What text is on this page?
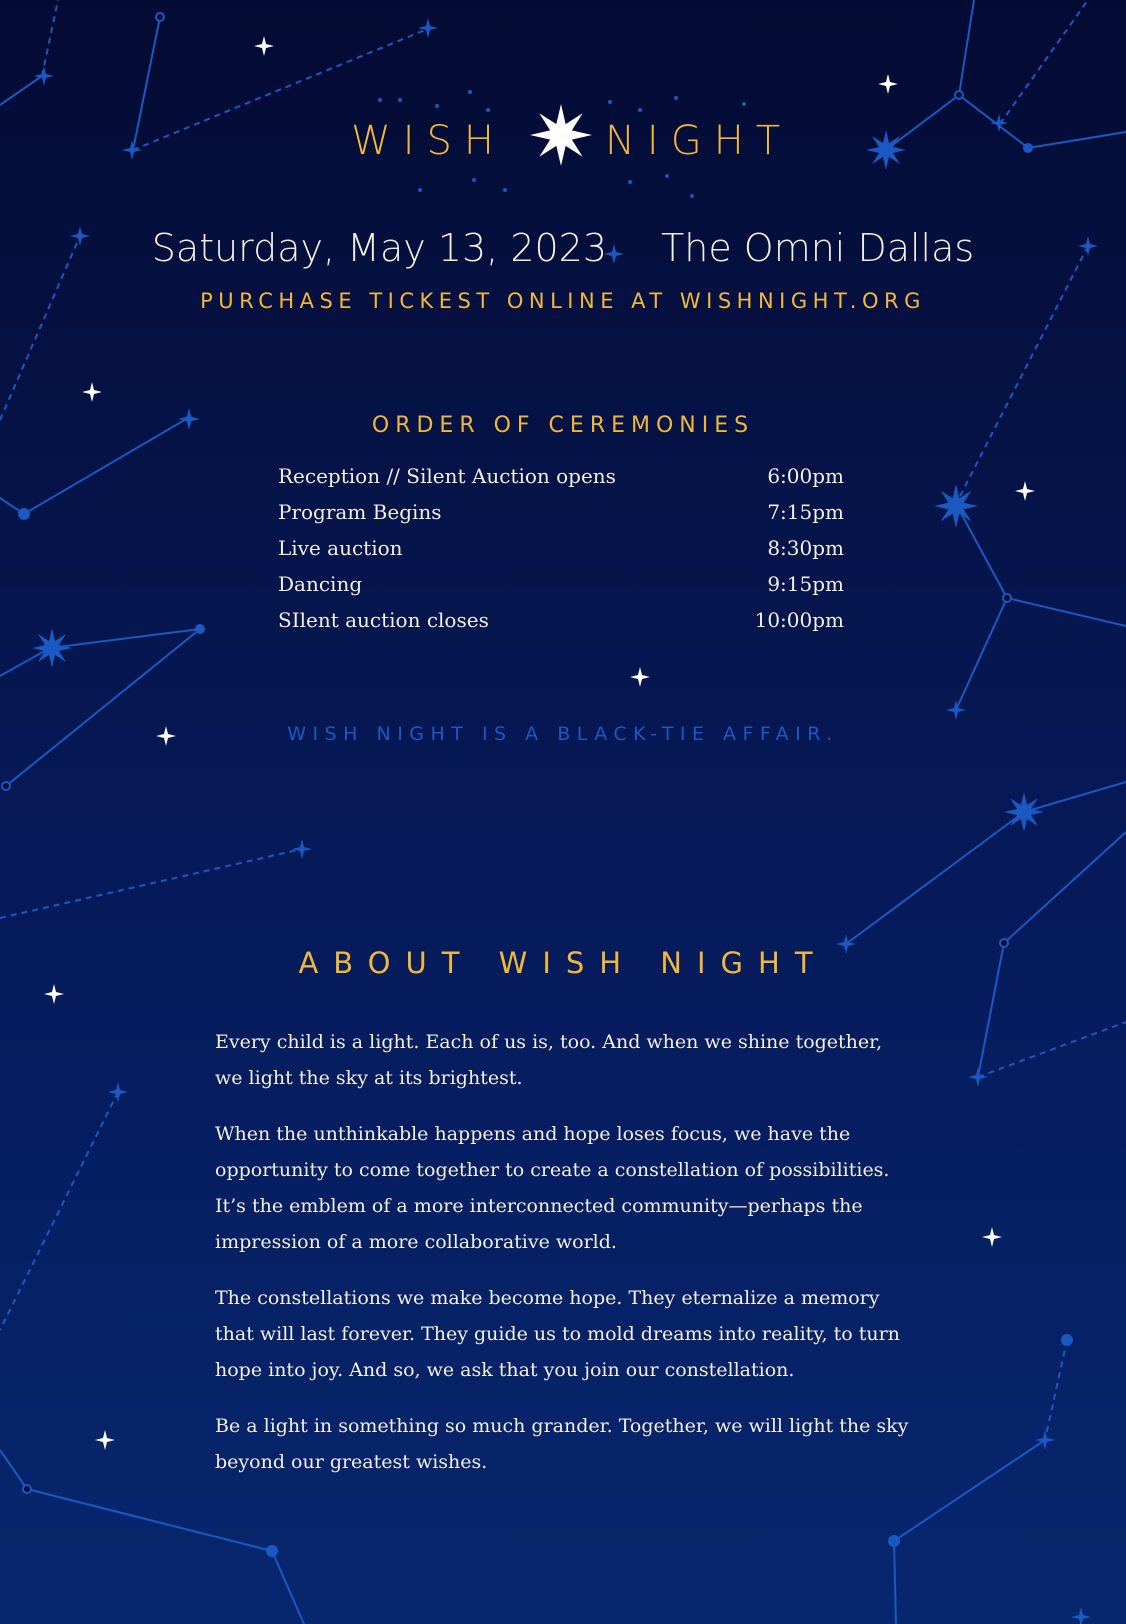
WISH NIGHT
Saturday, May 13, 2023 The Omni Dallas
PURCHASE TICKEST ONLINE AT WISHNIGHT.ORG
ORDER OF CEREMONIES
Reception // Silent Auction opens	6:00pm
Program Begins	7:15pm
Live auction	8:30pm
Dancing	9:15pm
SIlent auction closes	10:00pm
WISH NIGHT IS A BLACK-TIE AFFAIR.
ABOUT WISH NIGHT

Every child is a light. Each of us is, too. And when we shine together, we light the sky at its brightest.

When the unthinkable happens and hope loses focus, we have the opportunity to come together to create a constellation of possibilities. It’s the emblem of a more interconnected community—perhaps the impression of a more collaborative world.

The constellations we make become hope. They eternalize a memory that will last forever. They guide us to mold dreams into reality, to turn hope into joy. And so, we ask that you join our constellation.

Be a light in something so much grander. Together, we will light the sky beyond our greatest wishes.
